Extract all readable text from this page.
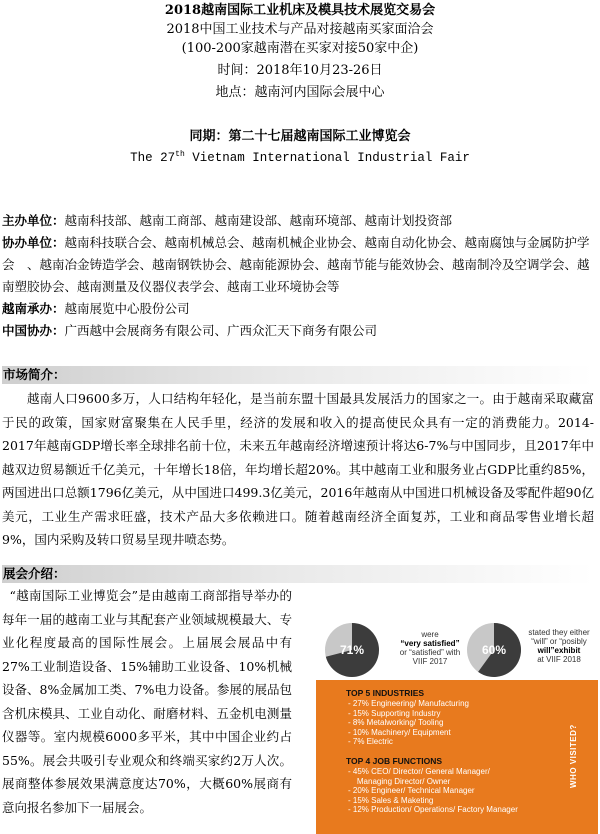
2018越南国际工业机床及模具技术展览交易会
2018中国工业技术与产品对接越南买家面洽会
(100-200家越南潜在买家对接50家中企)
时间：2018年10月23-26日
地点：越南河内国际会展中心
同期：第二十七届越南国际工业博览会
The 27th Vietnam International Industrial Fair
主办单位：越南科技部、越南工商部、越南建设部、越南环境部、越南计划投资部
协办单位：越南科技联合会、越南机械总会、越南机械企业协会、越南自动化协会、越南腐蚀与金属防护学会　、越南冶金铸造学会、越南钢铁协会、越南能源协会、越南节能与能效协会、越南制冷及空调学会、越南塑胶协会、越南测量及仪器仪表学会、越南工业环境协会等
越南承办：越南展览中心股份公司
中国协办：广西越中会展商务有限公司、广西众汇天下商务有限公司
市场简介：

越南人口9600多万，人口结构年轻化，是当前东盟十国最具发展活力的国家之一。由于越南采取藏富于民的政策，国家财富聚集在人民手里，经济的发展和收入的提高使民众具有一定的消费能力。2014-2017年越南GDP增长率全球排名前十位，未来五年越南经济增速预计将达6-7%与中国同步，且2017年中越双边贸易额近千亿美元，十年增长18倍，年均增长超20%。其中越南工业和服务业占GDP比重约85%，两国进出口总额1796亿美元，从中国进口499.3亿美元，2016年越南从中国进口机械设备及零配件超90亿美元，工业生产需求旺盛，技术产品大多依赖进口。随着越南经济全面复苏，工业和商品零售业增长超9%，国内采购及转口贸易呈现井喷态势。

展会介绍：

“越南国际工业博览会”是由越南工商部指导举办的每年一届的越南工业与其配套产业领域规模最大、专业化程度最高的国际性展会。上届展会展品中有27%工业制造设备、15%辅助工业设备、10%机械设备、8%金属加工类、7%电力设备。参展的展品包含机床模具、工业自动化、耐磨材料、五金机电测量仪器等。室内规模6000多平米，其中中国企业约占55%。展会共吸引专业观众和终端买家约2万人次。展商整体参展效果满意度达70%，大概60%展商有意向报名参加下一届展会。

71%
were
“very satisfied”
or “satisfied” with
VIIF 2017
60%
stated they either
“will” or “posibly
will”exhibit
at VIIF 2018
TOP 5 INDUSTRIES
- 27% Engineering/ Manufacturing
- 15% Supporting Industry
- 8% Metalworking/ Tooling
- 10% Machinery/ Equipment
- 7% Electric
TOP 4 JOB FUNCTIONS
- 45% CEO/ Director/ General Manager/
Managing Director/ Owner
- 20% Engineer/ Technical Manager
- 15% Sales & Maketing
- 12% Production/ Operations/ Factory Manager
WHO VISITED?
